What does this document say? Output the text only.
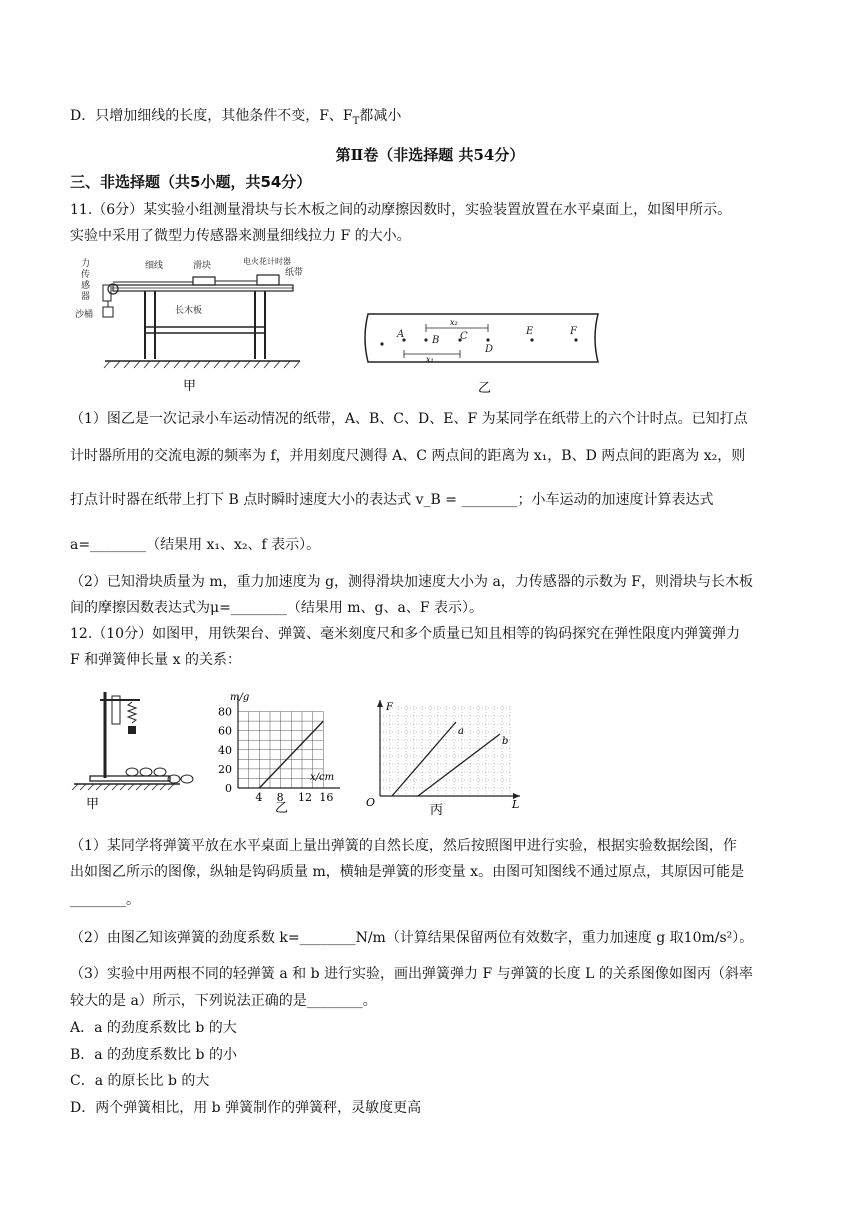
D．只增加细线的长度，其他条件不变，F、$F_T$都减小
第Ⅱ卷（非选择题 共54分）
三、非选择题（共5小题，共54分）
11.（6分）某实验小组测量滑块与长木板之间的动摩擦因数时，实验装置放置在水平桌面上，如图甲所示。
实验中采用了微型力传感器来测量细线拉力 F 的大小。
力
传
感
器
沙桶
细线	滑块	电火花计时器
纸带
长木板
甲
A
B C
D
E	F
x₂
x₁
乙
（1）图乙是一次记录小车运动情况的纸带，A、B、C、D、E、F 为某同学在纸带上的六个计时点。已知打点
计时器所用的交流电源的频率为 f，并用刻度尺测得 A、C 两点间的距离为 x₁，B、D 两点间的距离为 x₂，则
打点计时器在纸带上打下 B 点时瞬时速度大小的表达式 v_B = ________；小车运动的加速度计算表达式
a=________（结果用 x₁、x₂、f 表示）。
（2）已知滑块质量为 m，重力加速度为 g，测得滑块加速度大小为 a，力传感器的示数为 F，则滑块与长木板
间的摩擦因数表达式为μ=________（结果用 m、g、a、F 表示）。
12.（10分）如图甲，用铁架台、弹簧、毫米刻度尺和多个质量已知且相等的钩码探究在弹性限度内弹簧弹力
F 和弹簧伸长量 x 的关系：
甲	4 8 12 16
0
20
40
60
80
m/g
x/cm
乙
F
L
O
a
b
丙
（1）某同学将弹簧平放在水平桌面上量出弹簧的自然长度，然后按照图甲进行实验，根据实验数据绘图，作
出如图乙所示的图像，纵轴是钩码质量 m，横轴是弹簧的形变量 x。由图可知图线不通过原点，其原因可能是
________。
（2）由图乙知该弹簧的劲度系数 k=________N/m（计算结果保留两位有效数字，重力加速度 g 取10m/s²）。
（3）实验中用两根不同的轻弹簧 a 和 b 进行实验，画出弹簧弹力 F 与弹簧的长度 L 的关系图像如图丙（斜率
较大的是 a）所示，下列说法正确的是________。
A．a 的劲度系数比 b 的大
B．a 的劲度系数比 b 的小
C．a 的原长比 b 的大
D．两个弹簧相比，用 b 弹簧制作的弹簧秤，灵敏度更高
